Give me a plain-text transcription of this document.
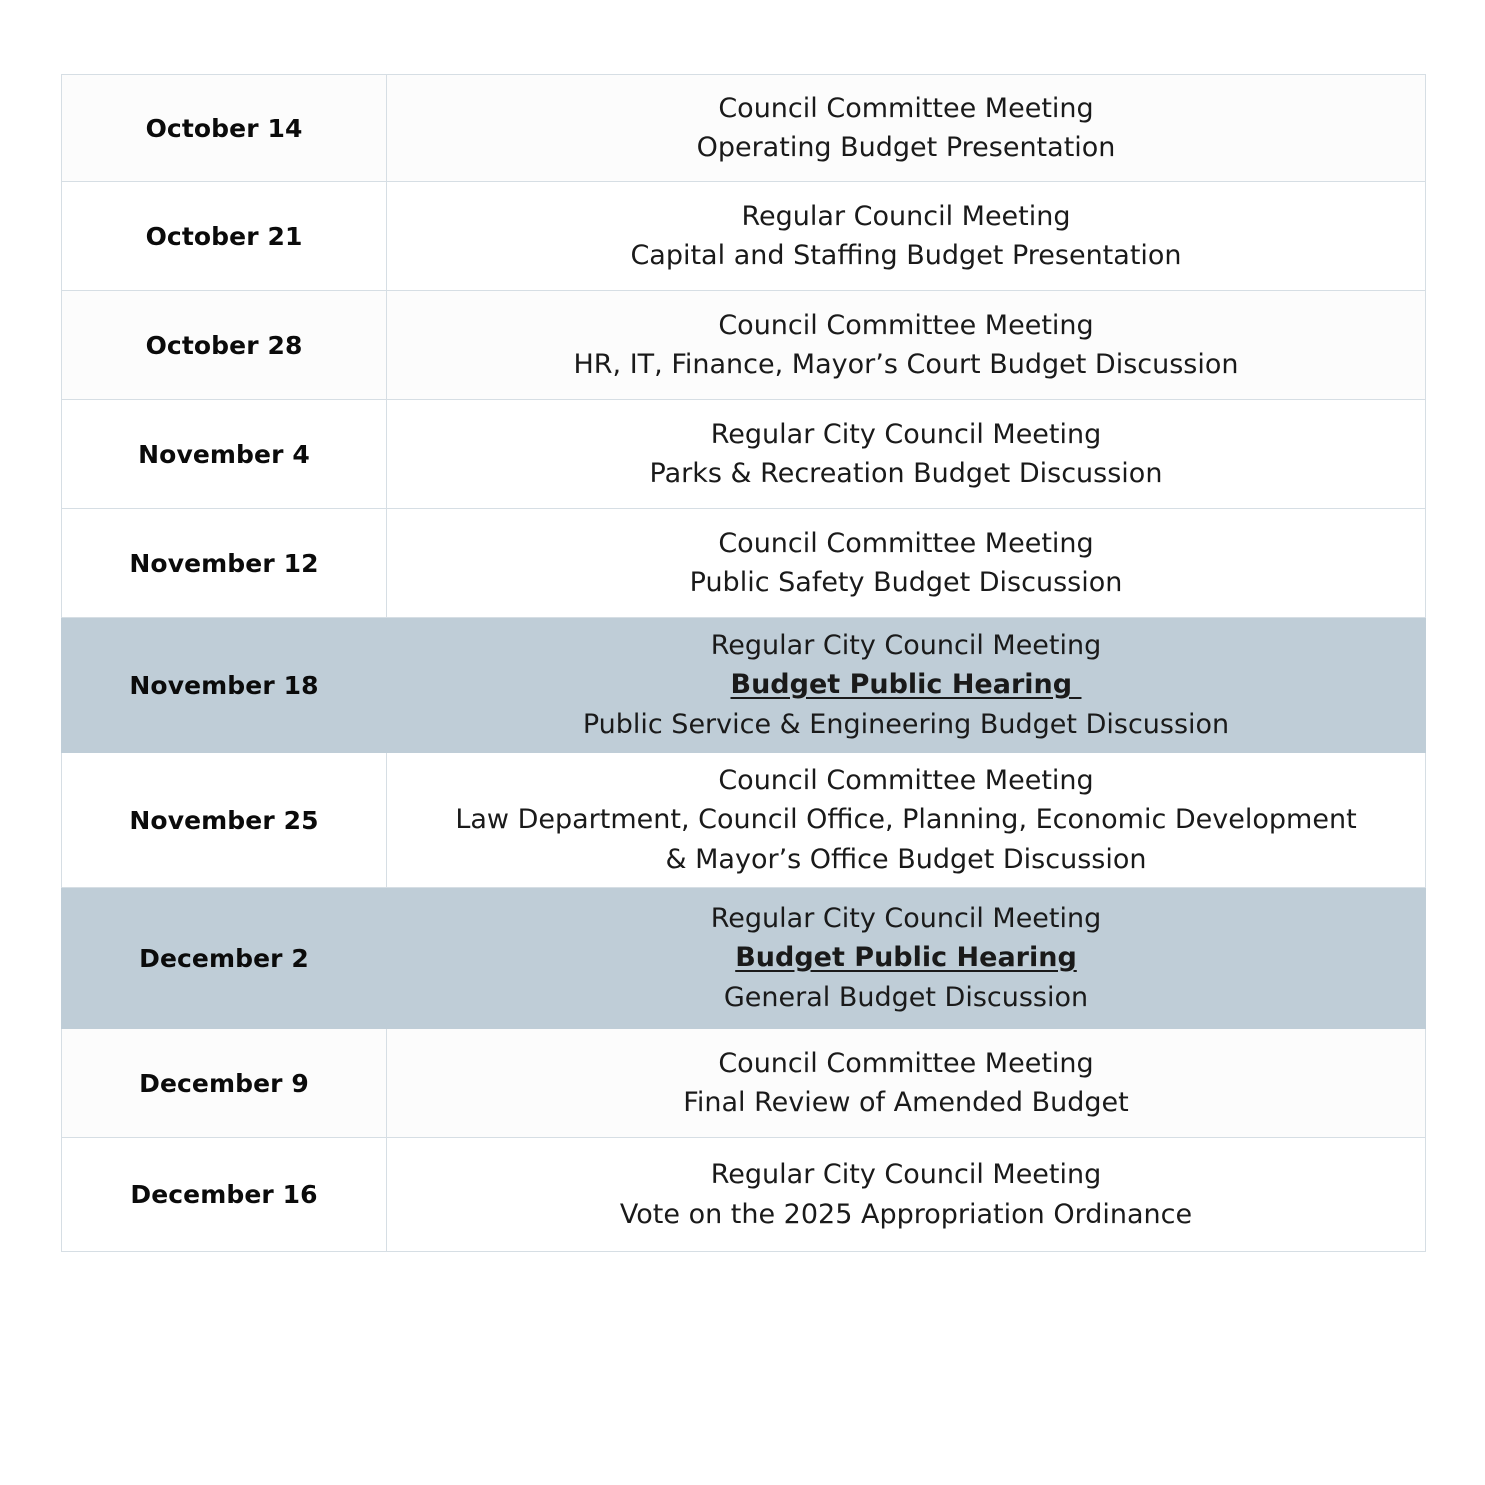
October 14	Council Committee Meeting
Operating Budget Presentation

October 21	Regular Council Meeting
Capital and Staffing Budget Presentation

October 28	Council Committee Meeting
HR, IT, Finance, Mayor’s Court Budget Discussion

November 4	Regular City Council Meeting
Parks & Recreation Budget Discussion

November 12	Council Committee Meeting
Public Safety Budget Discussion

November 18	Regular City Council Meeting
Budget Public Hearing
Public Service & Engineering Budget Discussion

November 25	Council Committee Meeting
Law Department, Council Office, Planning, Economic Development
& Mayor’s Office Budget Discussion

December 2	Regular City Council Meeting
Budget Public Hearing
General Budget Discussion

December 9	Council Committee Meeting
Final Review of Amended Budget

December 16	Regular City Council Meeting
Vote on the 2025 Appropriation Ordinance
